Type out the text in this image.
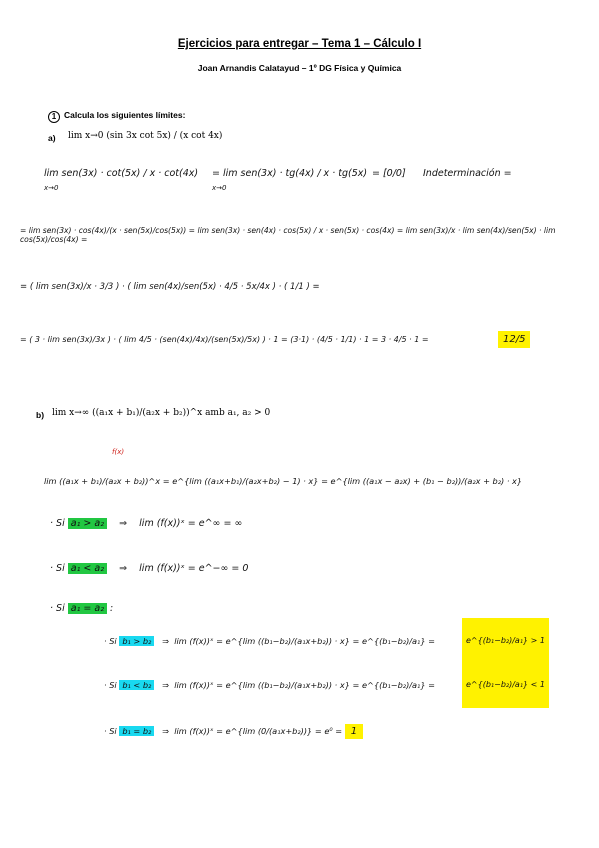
Ejercicios para entregar – Tema 1 – Cálculo I
Joan Arnandis Calatayud – 1º DG Física y Química
1 Calcula los siguientes límites:
a) lim x→0 (sin 3x cot 5x) / (x cot 4x)
lim sen(3x) · cot(5x) / x · cot(4x)
x→0
= lim sen(3x) · tg(4x) / x · tg(5x)
x→0
= [0/0] Indeterminación =
= lim sen(3x) · cos(4x)/(x · sen(5x)/cos(5x)) = lim sen(3x) · sen(4x) · cos(5x) / x · sen(5x) · cos(4x) = lim sen(3x)/x · lim sen(4x)/sen(5x) · lim cos(5x)/cos(4x) =
= ( lim sen(3x)/x · 3/3 ) · ( lim sen(4x)/sen(5x) · 4/5 · 5x/4x ) · ( 1/1 ) =
= ( 3 · lim sen(3x)/3x ) · ( lim 4/5 · (sen(4x)/4x)/(sen(5x)/5x) ) · 1 = (3·1) · (4/5 · 1/1) · 1 = 3 · 4/5 · 1 =	12/5
b) lim x→∞ ((a₁x + b₁)/(a₂x + b₂))^x amb a₁, a₂ > 0
f(x)
lim ((a₁x + b₁)/(a₂x + b₂))^x = e^{lim ((a₁x+b₁)/(a₂x+b₂) − 1) · x} = e^{lim ((a₁x − a₂x) + (b₁ − b₂))/(a₂x + b₂) · x}
· Si a₁ > a₂ ⇒ lim (f(x))ˣ = e^∞ = ∞
· Si a₁ < a₂ ⇒ lim (f(x))ˣ = e^−∞ = 0
· Si a₁ = a₂ :
· Si b₁ > b₂ ⇒ lim (f(x))ˣ = e^{lim ((b₁−b₂)/(a₁x+b₂)) · x} = e^{(b₁−b₂)/a₁} =	e^{(b₁−b₂)/a₁} > 1
· Si b₁ < b₂ ⇒ lim (f(x))ˣ = e^{lim ((b₁−b₂)/(a₁x+b₂)) · x} = e^{(b₁−b₂)/a₁} =	e^{(b₁−b₂)/a₁} < 1
· Si b₁ = b₂ ⇒ lim (f(x))ˣ = e^{lim (0/(a₁x+b₂))} = e⁰ = 1
